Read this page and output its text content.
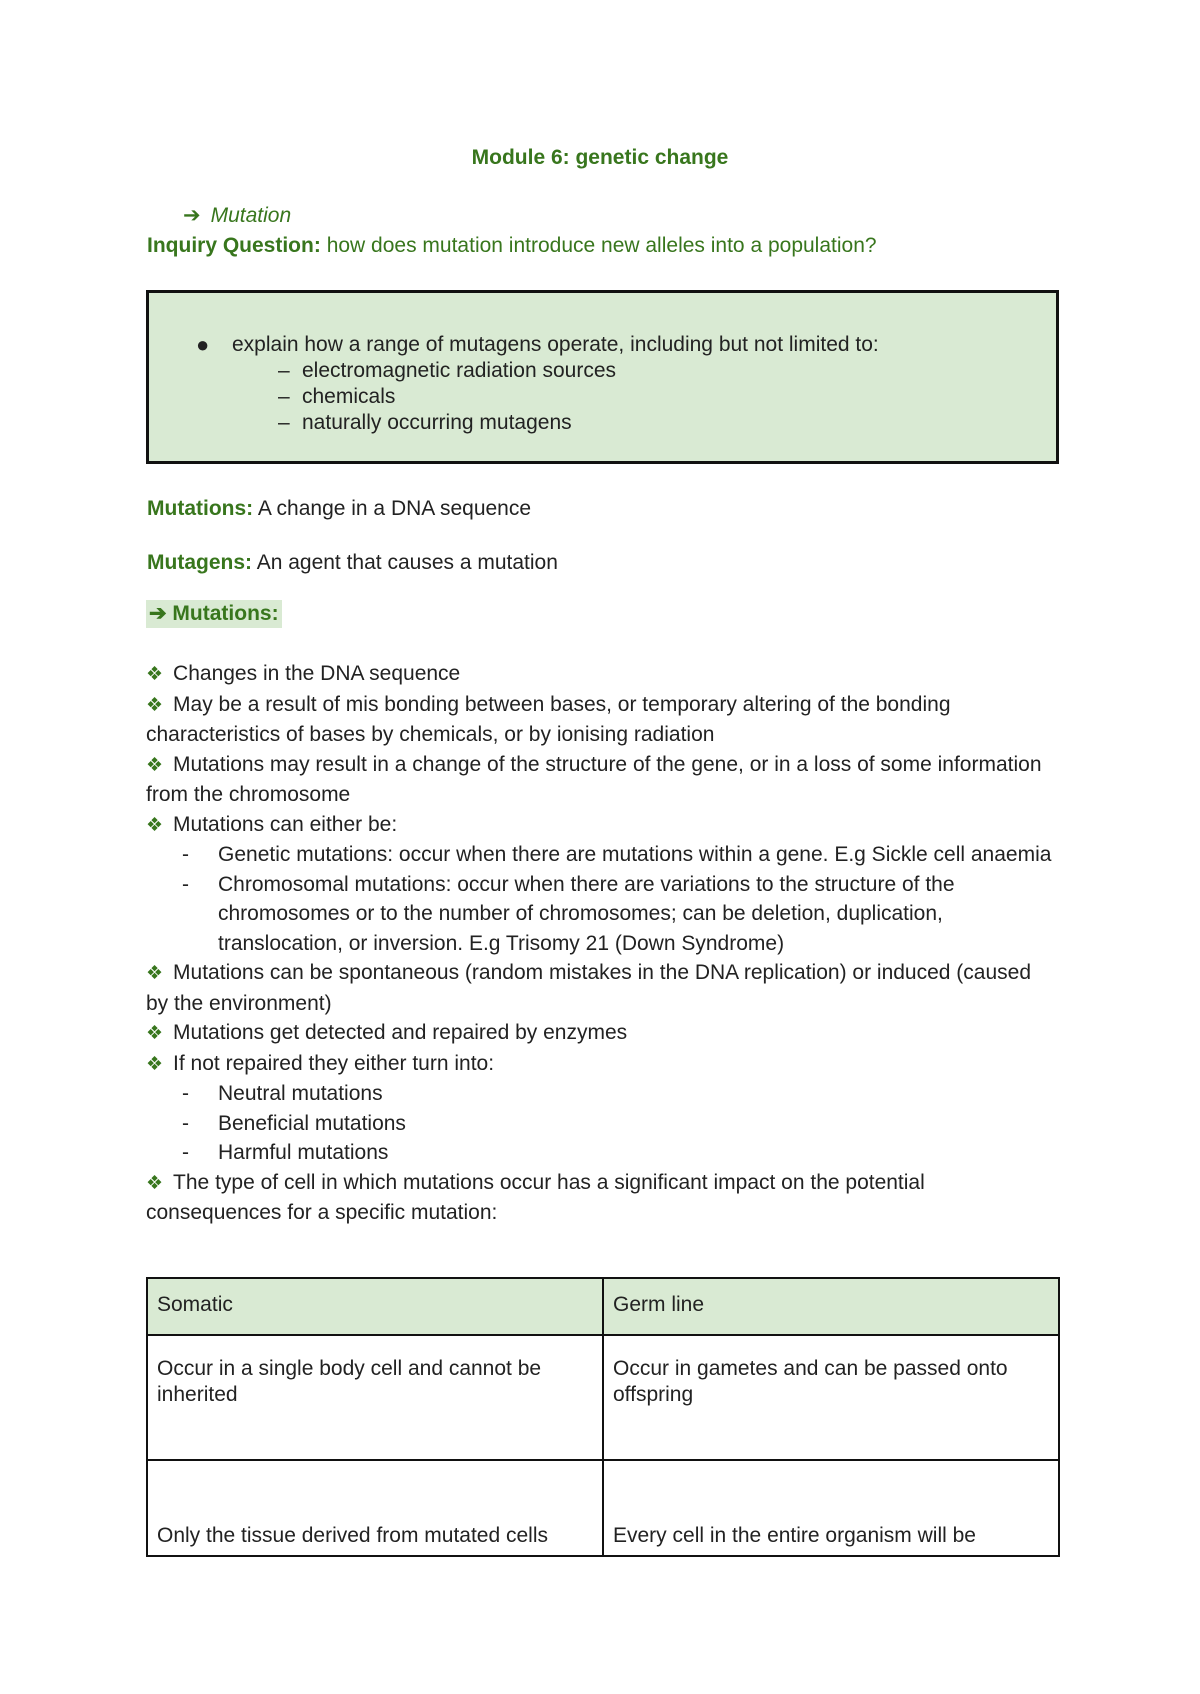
Module 6: genetic change
➔ Mutation
Inquiry Question: how does mutation introduce new alleles into a population?
● explain how a range of mutagens operate, including but not limited to:
– electromagnetic radiation sources
– chemicals
– naturally occurring mutagens
Mutations: A change in a DNA sequence
Mutagens: An agent that causes a mutation
➔ Mutations:

❖ Changes in the DNA sequence

❖ May be a result of mis bonding between bases, or temporary altering of the bonding characteristics of bases by chemicals, or by ionising radiation

❖ Mutations may result in a change of the structure of the gene, or in a loss of some information from the chromosome

❖ Mutations can either be:

- Genetic mutations: occur when there are mutations within a gene. E.g Sickle cell anaemia

- Chromosomal mutations: occur when there are variations to the structure of the chromosomes or to the number of chromosomes; can be deletion, duplication, translocation, or inversion. E.g Trisomy 21 (Down Syndrome)

❖ Mutations can be spontaneous (random mistakes in the DNA replication) or induced (caused by the environment)

❖ Mutations get detected and repaired by enzymes

❖ If not repaired they either turn into:

- Neutral mutations

- Beneficial mutations

- Harmful mutations

❖ The type of cell in which mutations occur has a significant impact on the potential consequences for a specific mutation:

Somatic	Germ line
Occur in a single body cell and cannot be inherited	Occur in gametes and can be passed onto offspring
Only the tissue derived from mutated cells	Every cell in the entire organism will be
